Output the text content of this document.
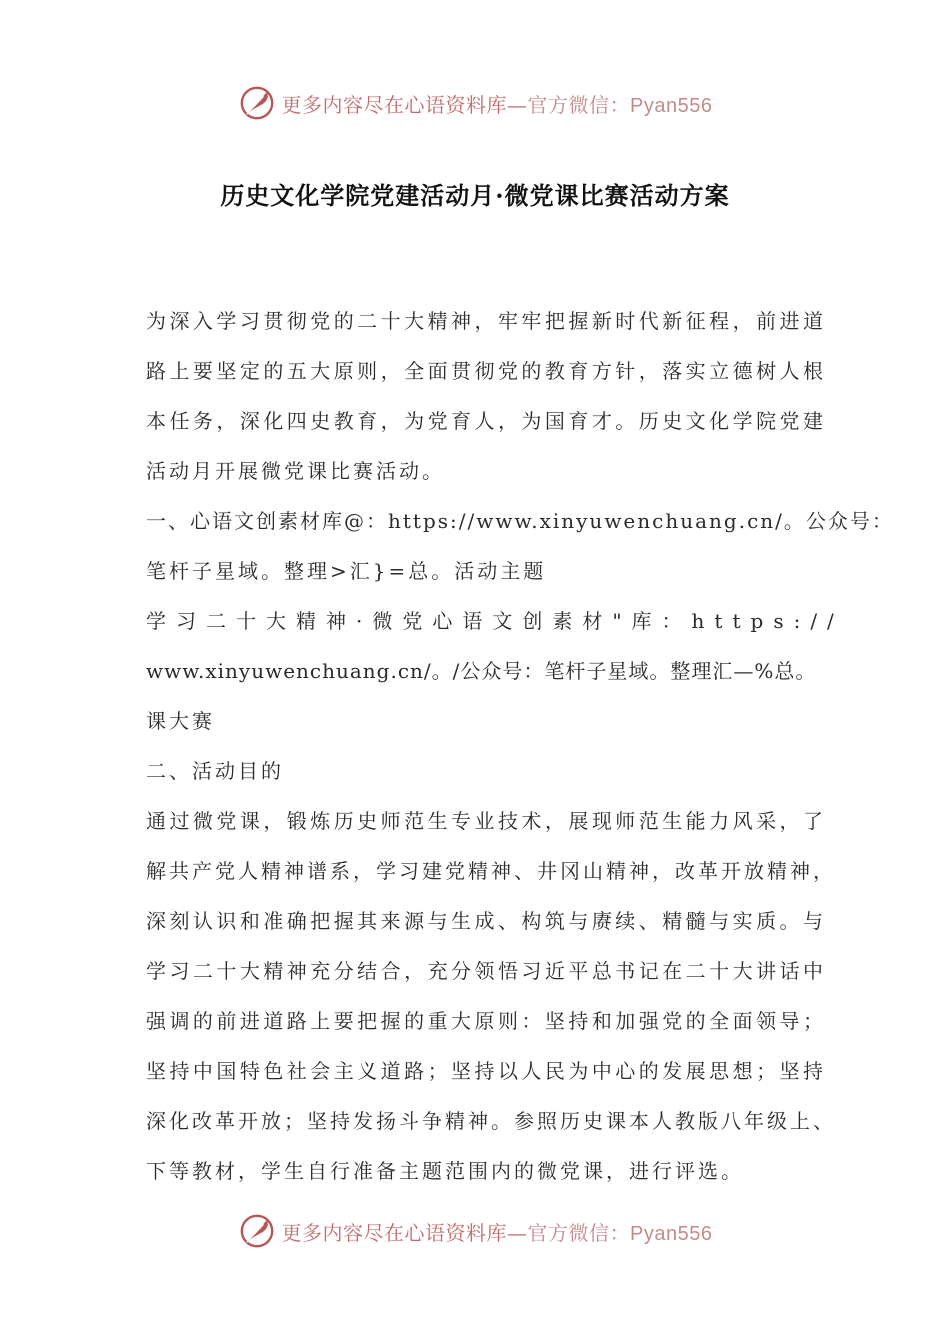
更多内容尽在心语资料库— 官方微信：Pyan556
历史文化学院党建活动月·微党课比赛活动方案
为深入学习贯彻党的二十大精神，牢牢把握新时代新征程，前进道
路上要坚定的五大原则，全面贯彻党的教育方针，落实立德树人根
本任务，深化四史教育，为党育人，为国育才。历史文化学院党建
活动月开展微党课比赛活动。
一、心语文创素材库@：https://www.xinyuwenchuang.cn/。公众号：
笔杆子星域。整理>汇}=总。活动主题
学习二十大精神·微党心语文创素材"库：https://
www.xinyuwenchuang.cn/。/公众号：笔杆子星域。整理汇—%总。
课大赛
二、活动目的
通过微党课，锻炼历史师范生专业技术，展现师范生能力风采，了
解共产党人精神谱系，学习建党精神、井冈山精神，改革开放精神，
深刻认识和准确把握其来源与生成、构筑与赓续、精髓与实质。与
学习二十大精神充分结合，充分领悟习近平总书记在二十大讲话中
强调的前进道路上要把握的重大原则：坚持和加强党的全面领导；
坚持中国特色社会主义道路；坚持以人民为中心的发展思想；坚持
深化改革开放；坚持发扬斗争精神。参照历史课本人教版八年级上、
下等教材，学生自行准备主题范围内的微党课，进行评选。
更多内容尽在心语资料库— 官方微信：Pyan556
